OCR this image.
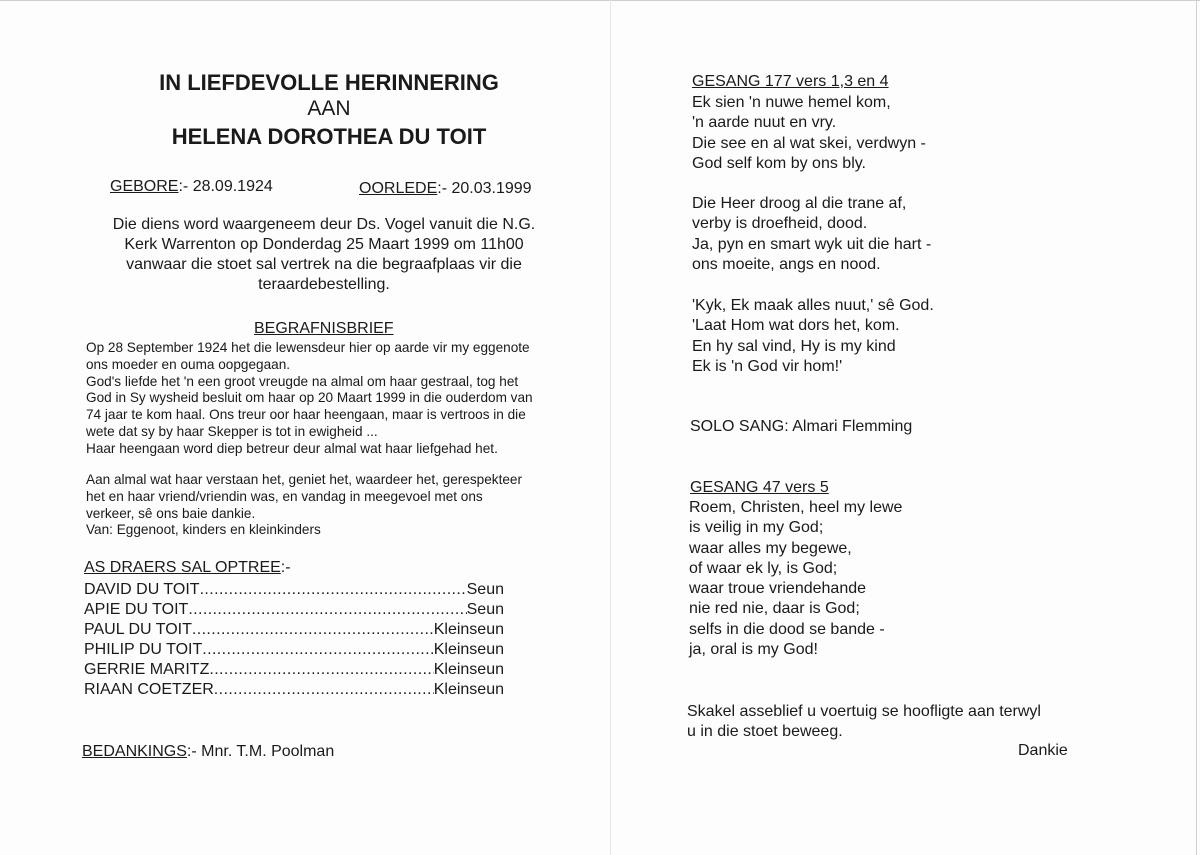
IN LIEFDEVOLLE HERINNERING
AAN
HELENA DOROTHEA DU TOIT
GEBORE:- 28.09.1924	OORLEDE:- 20.03.1999
Die diens word waargeneem deur Ds. Vogel vanuit die N.G.
Kerk Warrenton op Donderdag 25 Maart 1999 om 11h00
vanwaar die stoet sal vertrek na die begraafplaas vir die
teraardebestelling.
BEGRAFNISBRIEF
Op 28 September 1924 het die lewensdeur hier op aarde vir my eggenote
ons moeder en ouma oopgegaan.
God's liefde het 'n een groot vreugde na almal om haar gestraal, tog het
God in Sy wysheid besluit om haar op 20 Maart 1999 in die ouderdom van
74 jaar te kom haal. Ons treur oor haar heengaan, maar is vertroos in die
wete dat sy by haar Skepper is tot in ewigheid ...
Haar heengaan word diep betreur deur almal wat haar liefgehad het.
Aan almal wat haar verstaan het, geniet het, waardeer het, gerespekteer
het en haar vriend/vriendin was, en vandag in meegevoel met ons
verkeer, sê ons baie dankie.
Van: Eggenoot, kinders en kleinkinders
AS DRAERS SAL OPTREE:-
DAVID DU TOIT .....	Seun
APIE DU TOIT .....	Seun
PAUL DU TOIT .....	Kleinseun
PHILIP DU TOIT .....	Kleinseun
GERRIE MARITZ .....	Kleinseun
RIAAN COETZER .....	Kleinseun
BEDANKINGS:- Mnr. T.M. Poolman
GESANG 177 vers 1,3 en 4
Ek sien 'n nuwe hemel kom,
'n aarde nuut en vry.
Die see en al wat skei, verdwyn -
God self kom by ons bly.
Die Heer droog al die trane af,
verby is droefheid, dood.
Ja, pyn en smart wyk uit die hart -
ons moeite, angs en nood.
'Kyk, Ek maak alles nuut,' sê God.
'Laat Hom wat dors het, kom.
En hy sal vind, Hy is my kind
Ek is 'n God vir hom!'
SOLO SANG: Almari Flemming
GESANG 47 vers 5
Roem, Christen, heel my lewe
is veilig in my God;
waar alles my begewe,
of waar ek ly, is God;
waar troue vriendehande
nie red nie, daar is God;
selfs in die dood se bande -
ja, oral is my God!
Skakel asseblief u voertuig se hoofligte aan terwyl
u in die stoet beweeg.
Dankie
